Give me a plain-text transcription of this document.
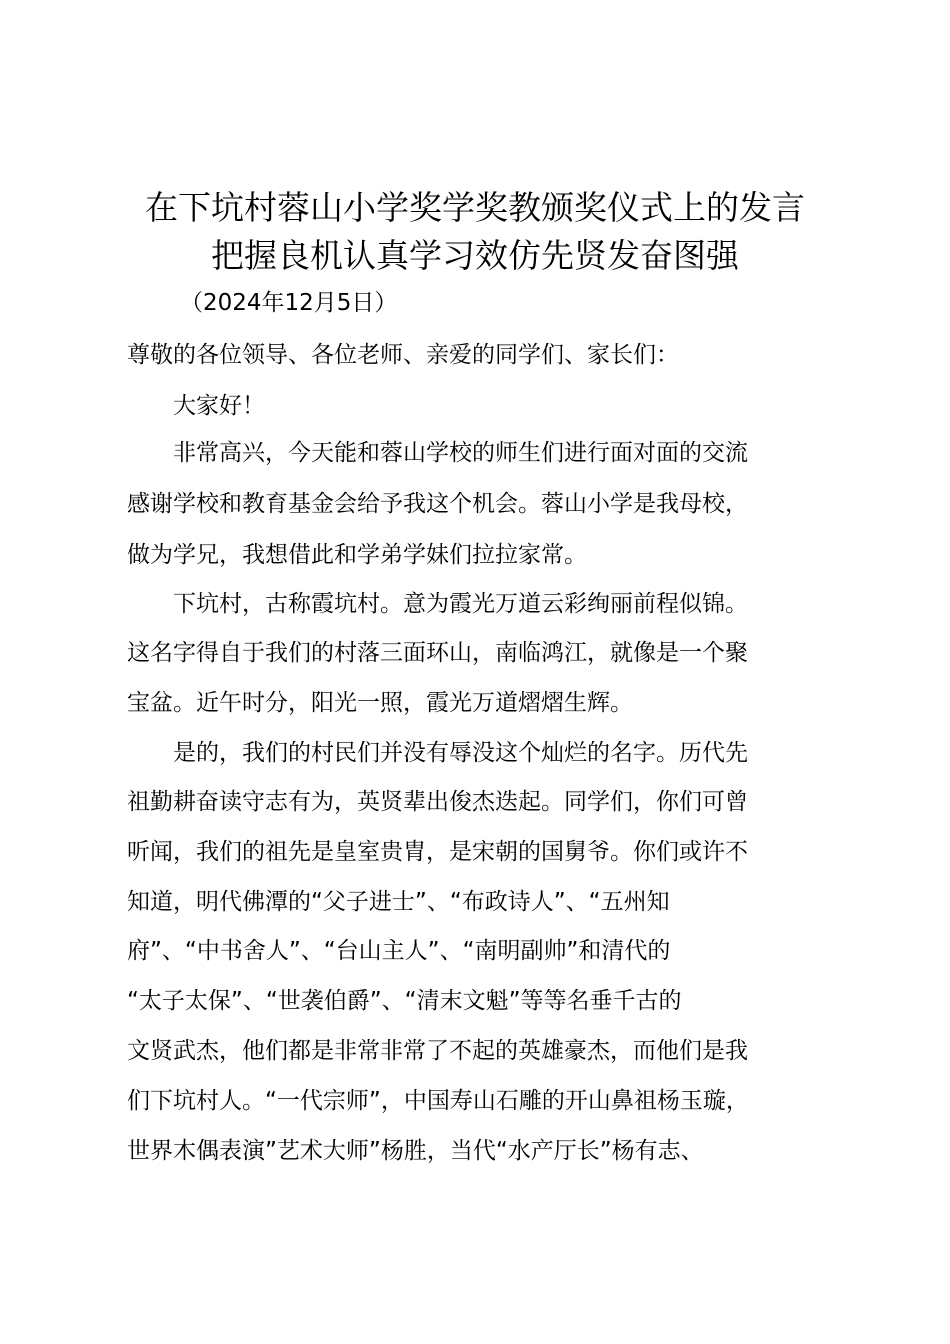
在下坑村蓉山小学奖学奖教颁奖仪式上的发言
把握良机认真学习效仿先贤发奋图强
（2024年12月5日）
尊敬的各位领导、各位老师、亲爱的同学们、家长们：
　　大家好！
　　非常高兴，今天能和蓉山学校的师生们进行面对面的交流
感谢学校和教育基金会给予我这个机会。蓉山小学是我母校，
做为学兄，我想借此和学弟学妹们拉拉家常。
　　下坑村，古称霞坑村。意为霞光万道云彩绚丽前程似锦。
这名字得自于我们的村落三面环山，南临鸿江，就像是一个聚
宝盆。近午时分，阳光一照，霞光万道熠熠生辉。
　　是的，我们的村民们并没有辱没这个灿烂的名字。历代先
祖勤耕奋读守志有为，英贤辈出俊杰迭起。同学们，你们可曾
听闻，我们的祖先是皇室贵胄，是宋朝的国舅爷。你们或许不
知道，明代佛潭的“父子进士”、“布政诗人”、“五州知
府”、“中书舍人”、“台山主人”、“南明副帅”和清代的
“太子太保”、“世袭伯爵”、“清末文魁”等等名垂千古的
文贤武杰，他们都是非常非常了不起的英雄豪杰，而他们是我
们下坑村人。“一代宗师”，中国寿山石雕的开山鼻祖杨玉璇，
世界木偶表演”艺术大师”杨胜，当代“水产厅长”杨有志、
